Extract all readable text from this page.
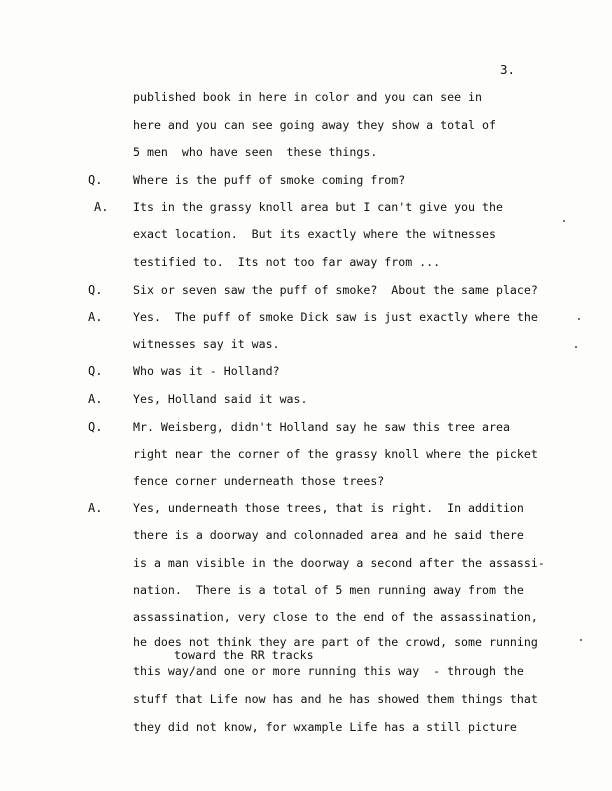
3.
published book in here in color and you can see in
here and you can see going away they show a total of
5 men  who have seen  these things.
Q.	Where is the puff of smoke coming from?
A. Its in the grassy knoll area but I can't give you the
exact location.  But its exactly where the witnesses
testified to.  Its not too far away from ...
Q.	Six or seven saw the puff of smoke?  About the same place?
A.	Yes.  The puff of smoke Dick saw is just exactly where the
witnesses say it was.
Q.	Who was it - Holland?
A.	Yes, Holland said it was.
Q.	Mr. Weisberg, didn't Holland say he saw this tree area
right near the corner of the grassy knoll where the picket
fence corner underneath those trees?
A.	Yes, underneath those trees, that is right.  In addition
there is a doorway and colonnaded area and he said there
is a man visible in the doorway a second after the assassi-
nation.  There is a total of 5 men running away from the
assassination, very close to the end of the assassination,
he does not think they are part of the crowd, some running
toward the RR tracks
this way/and one or more running this way  - through the
stuff that Life now has and he has showed them things that
they did not know, for wxample Life has a still picture
